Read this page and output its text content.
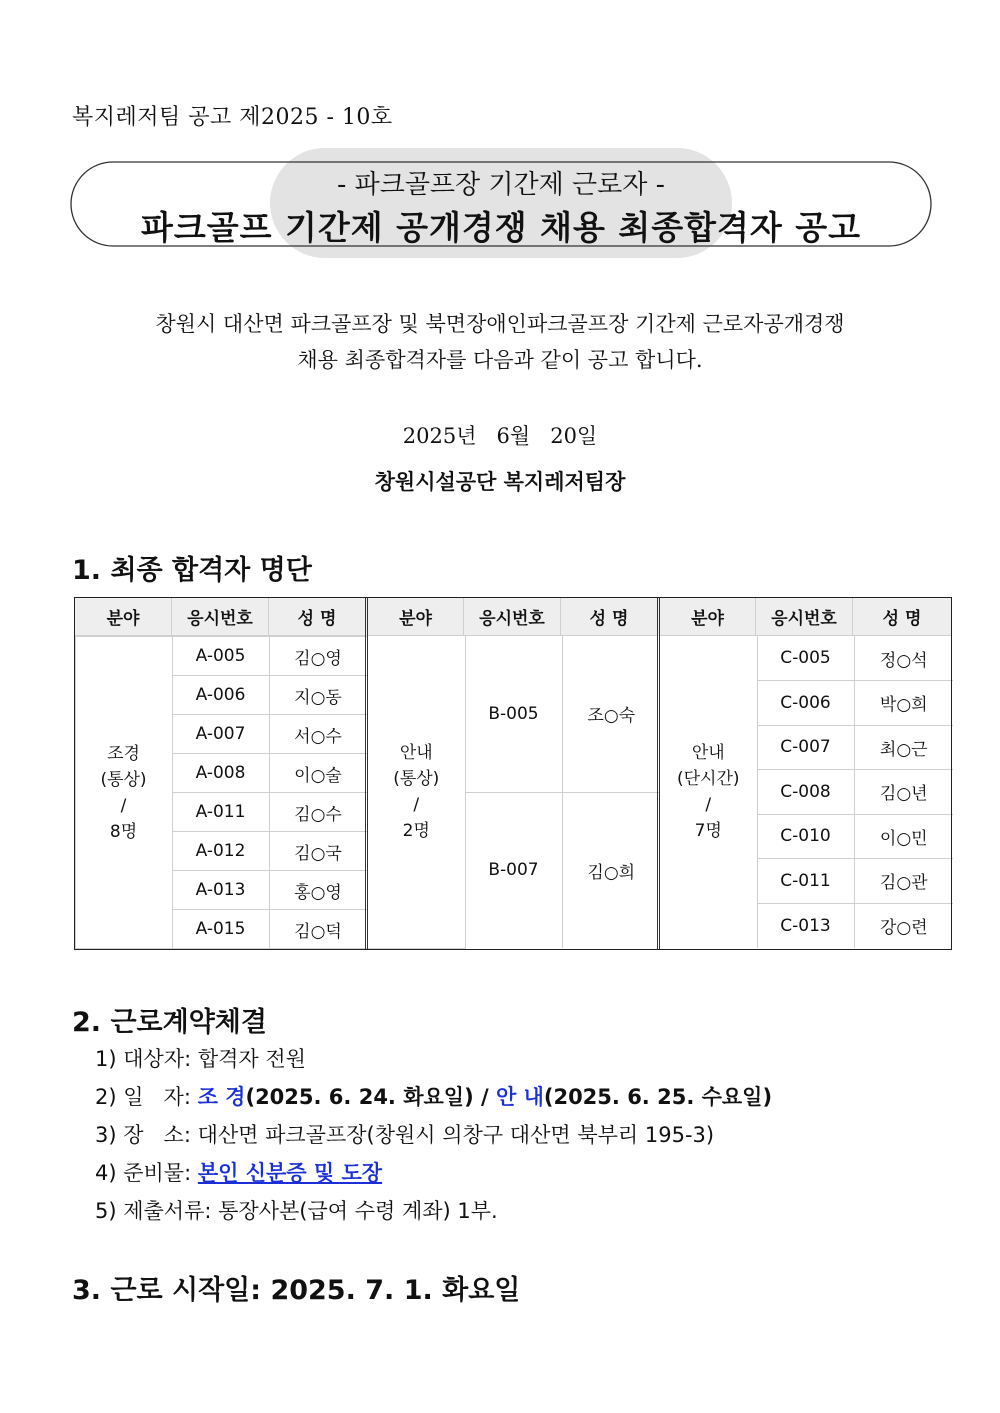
복지레저팀 공고 제2025 - 10호
- 파크골프장 기간제 근로자 -
파크골프 기간제 공개경쟁 채용 최종합격자 공고
창원시 대산면 파크골프장 및 북면장애인파크골프장 기간제 근로자공개경쟁
채용 최종합격자를 다음과 같이 공고 합니다.
2025년   6월   20일
창원시설공단 복지레저팀장
1. 최종 합격자 명단
분야	응시번호	성 명	분야	응시번호	성 명	분야	응시번호	성 명

조경
(통상)
/
8명
	A-005	김○영
A-006	지○동
A-007	서○수
A-008	이○술
A-011	김○수
A-012	김○국
A-013	홍○영
A-015	김○덕

안내
(통상)
/
2명
	B-005	조○숙
B-007	김○희

안내
(단시간)
/
7명
	C-005	정○석
C-006	박○희
C-007	최○근
C-008	김○년
C-010	이○민
C-011	김○관
C-013	강○련
2. 근로계약체결
1) 대상자: 합격자 전원
2) 일   자: 조 경(2025. 6. 24. 화요일) / 안 내(2025. 6. 25. 수요일)
3) 장   소: 대산면 파크골프장(창원시 의창구 대산면 북부리 195-3)
4) 준비물: 본인 신분증 및 도장
5) 제출서류: 통장사본(급여 수령 계좌) 1부.
3. 근로 시작일: 2025. 7. 1. 화요일
